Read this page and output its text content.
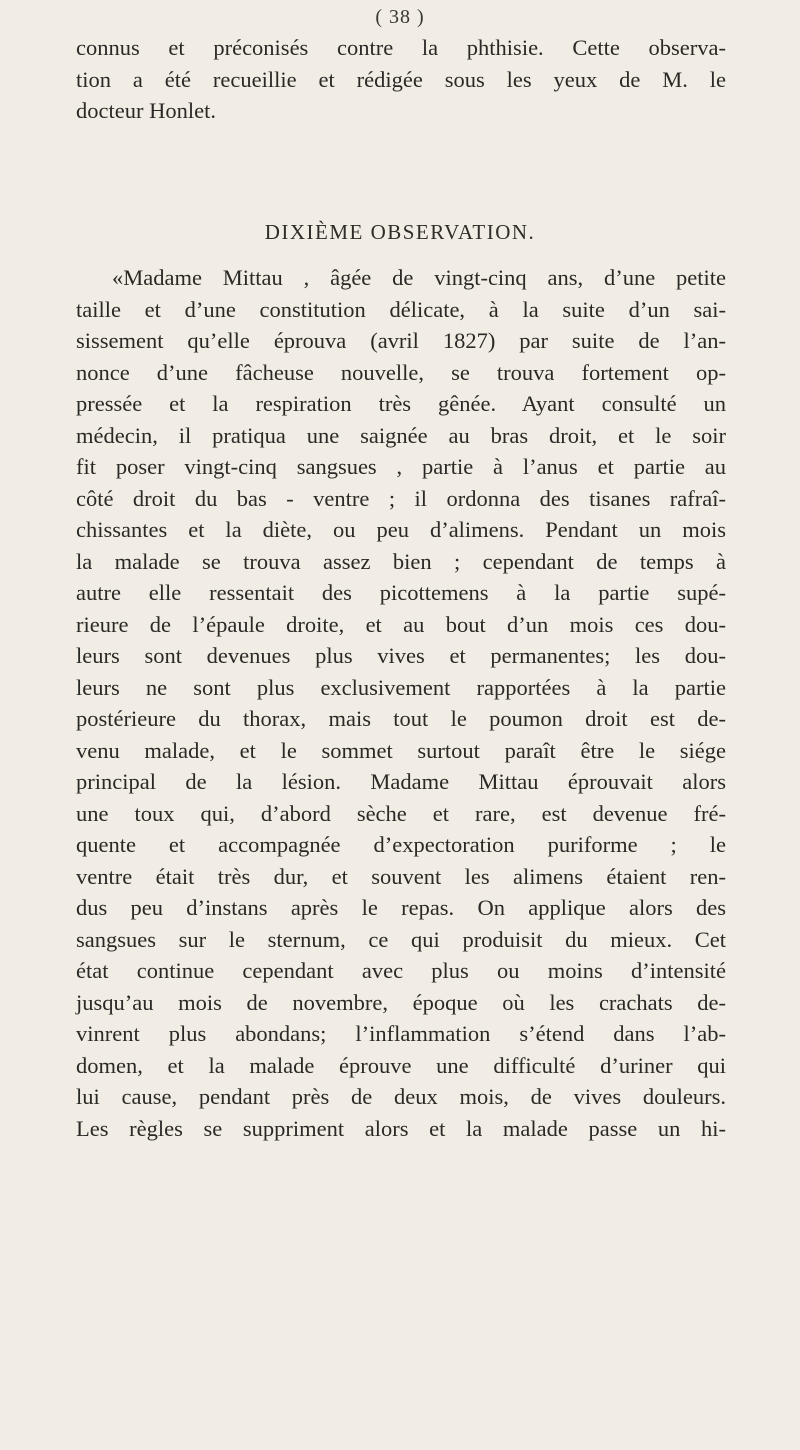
( 38 )
connus et préconisés contre la phthisie. Cette observa-
tion a été recueillie et rédigée sous les yeux de M. le
docteur Honlet.
DIXIÈME OBSERVATION.
«Madame Mittau , âgée de vingt-cinq ans, d’une petite
taille et d’une constitution délicate, à la suite d’un sai-
sissement qu’elle éprouva (avril 1827) par suite de l’an-
nonce d’une fâcheuse nouvelle, se trouva fortement op-
pressée et la respiration très gênée. Ayant consulté un
médecin, il pratiqua une saignée au bras droit, et le soir
fit poser vingt-cinq sangsues , partie à l’anus et partie au
côté droit du bas - ventre ; il ordonna des tisanes rafraî-
chissantes et la diète, ou peu d’alimens. Pendant un mois
la malade se trouva assez bien ; cependant de temps à
autre elle ressentait des picottemens à la partie supé-
rieure de l’épaule droite, et au bout d’un mois ces dou-
leurs sont devenues plus vives et permanentes; les dou-
leurs ne sont plus exclusivement rapportées à la partie
postérieure du thorax, mais tout le poumon droit est de-
venu malade, et le sommet surtout paraît être le siége
principal de la lésion. Madame Mittau éprouvait alors
une toux qui, d’abord sèche et rare, est devenue fré-
quente et accompagnée d’expectoration puriforme ; le
ventre était très dur, et souvent les alimens étaient ren-
dus peu d’instans après le repas. On applique alors des
sangsues sur le sternum, ce qui produisit du mieux. Cet
état continue cependant avec plus ou moins d’intensité
jusqu’au mois de novembre, époque où les crachats de-
vinrent plus abondans; l’inflammation s’étend dans l’ab-
domen, et la malade éprouve une difficulté d’uriner qui
lui cause, pendant près de deux mois, de vives douleurs.
Les règles se suppriment alors et la malade passe un hi-
